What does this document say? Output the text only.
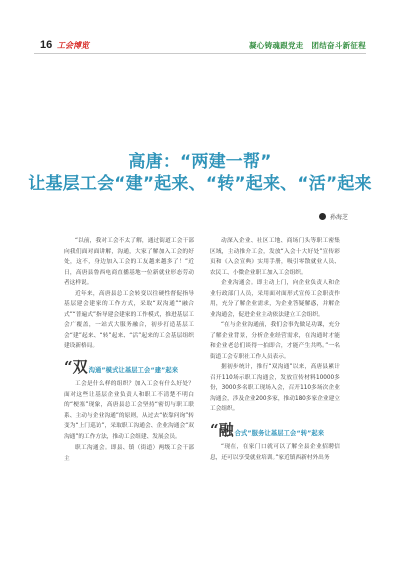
16 工会博览	凝心铸魂跟党走　团结奋斗新征程
高唐：“两建一帮”
让基层工会“建”起来、“转”起来、“活”起来
孙海芝

“以前，我对工会不太了解，通过街道工会干部向我们面对面讲解，沟通，大家了解加入工会的好处，这不，身边加入工会的工友越来越多了！”近日，高唐县鲁西电商直播基地一位新就业形态劳动者这样说。

近年来，高唐县总工会转变以往硬性督促指导基层建会建家的工作方式，采取“双沟通”“融合式”“普遍式”指导建会建家的工作模式，推进基层工会广覆盖，一站式大服务融合，初步打造基层工会“建”起来、“转”起来、“活”起来的工会基层组织建设新格局。

“双 沟通”模式让基层工会“建”起来

工会是什么样的组织？加入工会有什么好处？面对这些让基层企业负责人和职工不清楚不明白的“梗塞”现象，高唐县总工会坚持“密切与职工联系、主动与企业沟通”的原则，从过去“依靠问询”转变为“上门巡访”，采取职工沟通会、企业沟通会“双沟通”的工作方法，推动工会组建、发展会员。

职工沟通会。即县、镇（街道）两级工会干部主

动深入企业、社区工地、商场门头等职工密集区域，主动推介工会，发放“入会十大好处”宣传彩页和《入会宣典》实用手册，吸引零散就业人员、农民工、小微企业职工加入工会组织。

企业沟通会。即主动上门，向企业负责人和企业行政部门人员，采用面对面形式宣传工会职责作用，充分了解企业需求，为企业答疑解惑，并解企业沟通会，促进企业主动依法建立工会组织。

“在与企业沟通前，我们会事先做足功课，充分了解企业背景，分析企业经营需求，在沟通时才能和企业老总们谈得一拍即合，才能产生共鸣。”一名街道工会专职社工作人员表示。

据初步统计，推行“双沟通”以来，高唐县累计召开110场示职工沟通会，发放宣传材料10000多份，3000多名职工现场入会，召开110多场次企业沟通会，涉及企业200多家，推动180多家企业建立工会组织。

“融 合式”服务让基层工会“转”起来

“现在，在家门口就可以了解全县企业招聘信息，还可以享受就业培训。”家近镇西新村外出务
